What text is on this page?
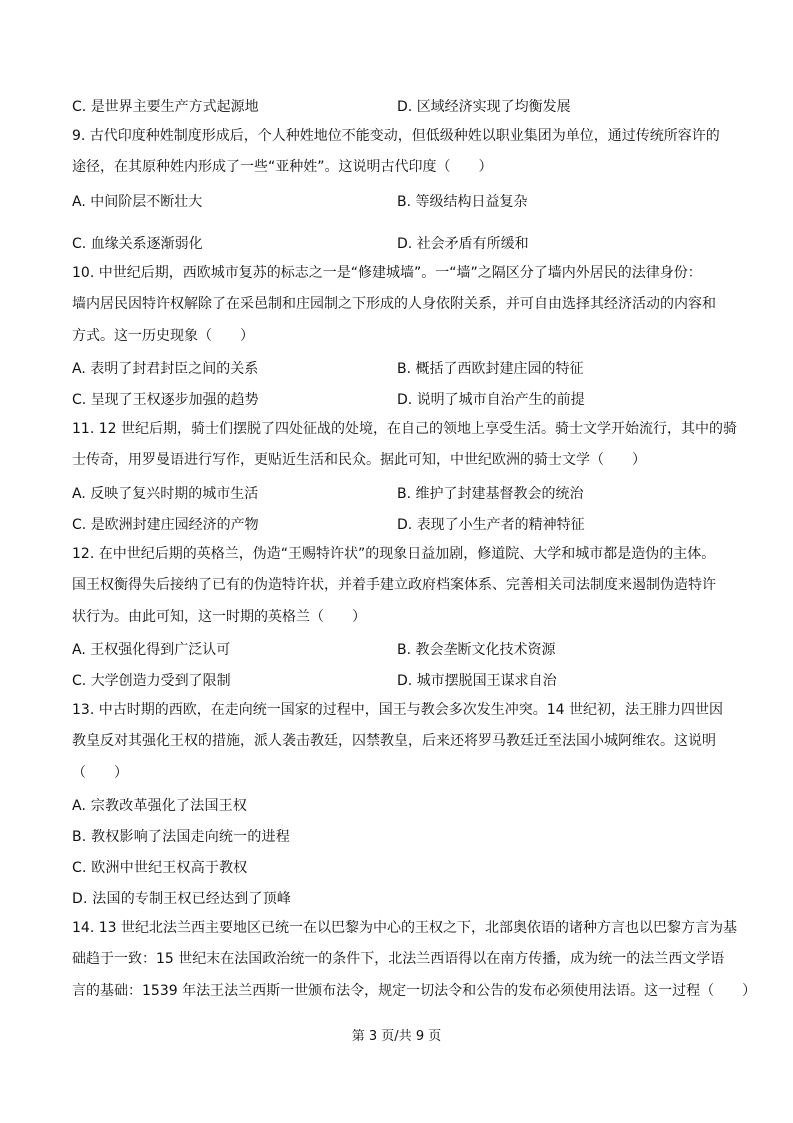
C. 是世界主要生产方式起源地	D. 区域经济实现了均衡发展
9. 古代印度种姓制度形成后，个人种姓地位不能变动，但低级种姓以职业集团为单位，通过传统所容许的
途径，在其原种姓内形成了一些“亚种姓”。这说明古代印度（　　）
A. 中间阶层不断壮大	B. 等级结构日益复杂
C. 血缘关系逐渐弱化	D. 社会矛盾有所缓和
10. 中世纪后期，西欧城市复苏的标志之一是“修建城墙”。一“墙”之隔区分了墙内外居民的法律身份：
墙内居民因特许权解除了在采邑制和庄园制之下形成的人身依附关系，并可自由选择其经济活动的内容和
方式。这一历史现象（　　）
A. 表明了封君封臣之间的关系	B. 概括了西欧封建庄园的特征
C. 呈现了王权逐步加强的趋势	D. 说明了城市自治产生的前提
11. 12 世纪后期，骑士们摆脱了四处征战的处境，在自己的领地上享受生活。骑士文学开始流行，其中的骑
士传奇，用罗曼语进行写作，更贴近生活和民众。据此可知，中世纪欧洲的骑士文学（　　）
A. 反映了复兴时期的城市生活	B. 维护了封建基督教会的统治
C. 是欧洲封建庄园经济的产物	D. 表现了小生产者的精神特征
12. 在中世纪后期的英格兰，伪造“王赐特许状”的现象日益加剧，修道院、大学和城市都是造伪的主体。
国王权衡得失后接纳了已有的伪造特许状，并着手建立政府档案体系、完善相关司法制度来遏制伪造特许
状行为。由此可知，这一时期的英格兰（　　）
A. 王权强化得到广泛认可	B. 教会垄断文化技术资源
C. 大学创造力受到了限制	D. 城市摆脱国王谋求自治
13. 中古时期的西欧，在走向统一国家的过程中，国王与教会多次发生冲突。14 世纪初，法王腓力四世因
教皇反对其强化王权的措施，派人袭击教廷，囚禁教皇，后来还将罗马教廷迁至法国小城阿维农。这说明
（　　）
A. 宗教改革强化了法国王权
B. 教权影响了法国走向统一的进程
C. 欧洲中世纪王权高于教权
D. 法国的专制王权已经达到了顶峰
14. 13 世纪北法兰西主要地区已统一在以巴黎为中心的王权之下，北部奥依语的诸种方言也以巴黎方言为基
础趋于一致：15 世纪末在法国政治统一的条件下，北法兰西语得以在南方传播，成为统一的法兰西文学语
言的基础：1539 年法王法兰西斯一世颁布法令，规定一切法令和公告的发布必须使用法语。这一过程（　　）
第 3 页/共 9 页
